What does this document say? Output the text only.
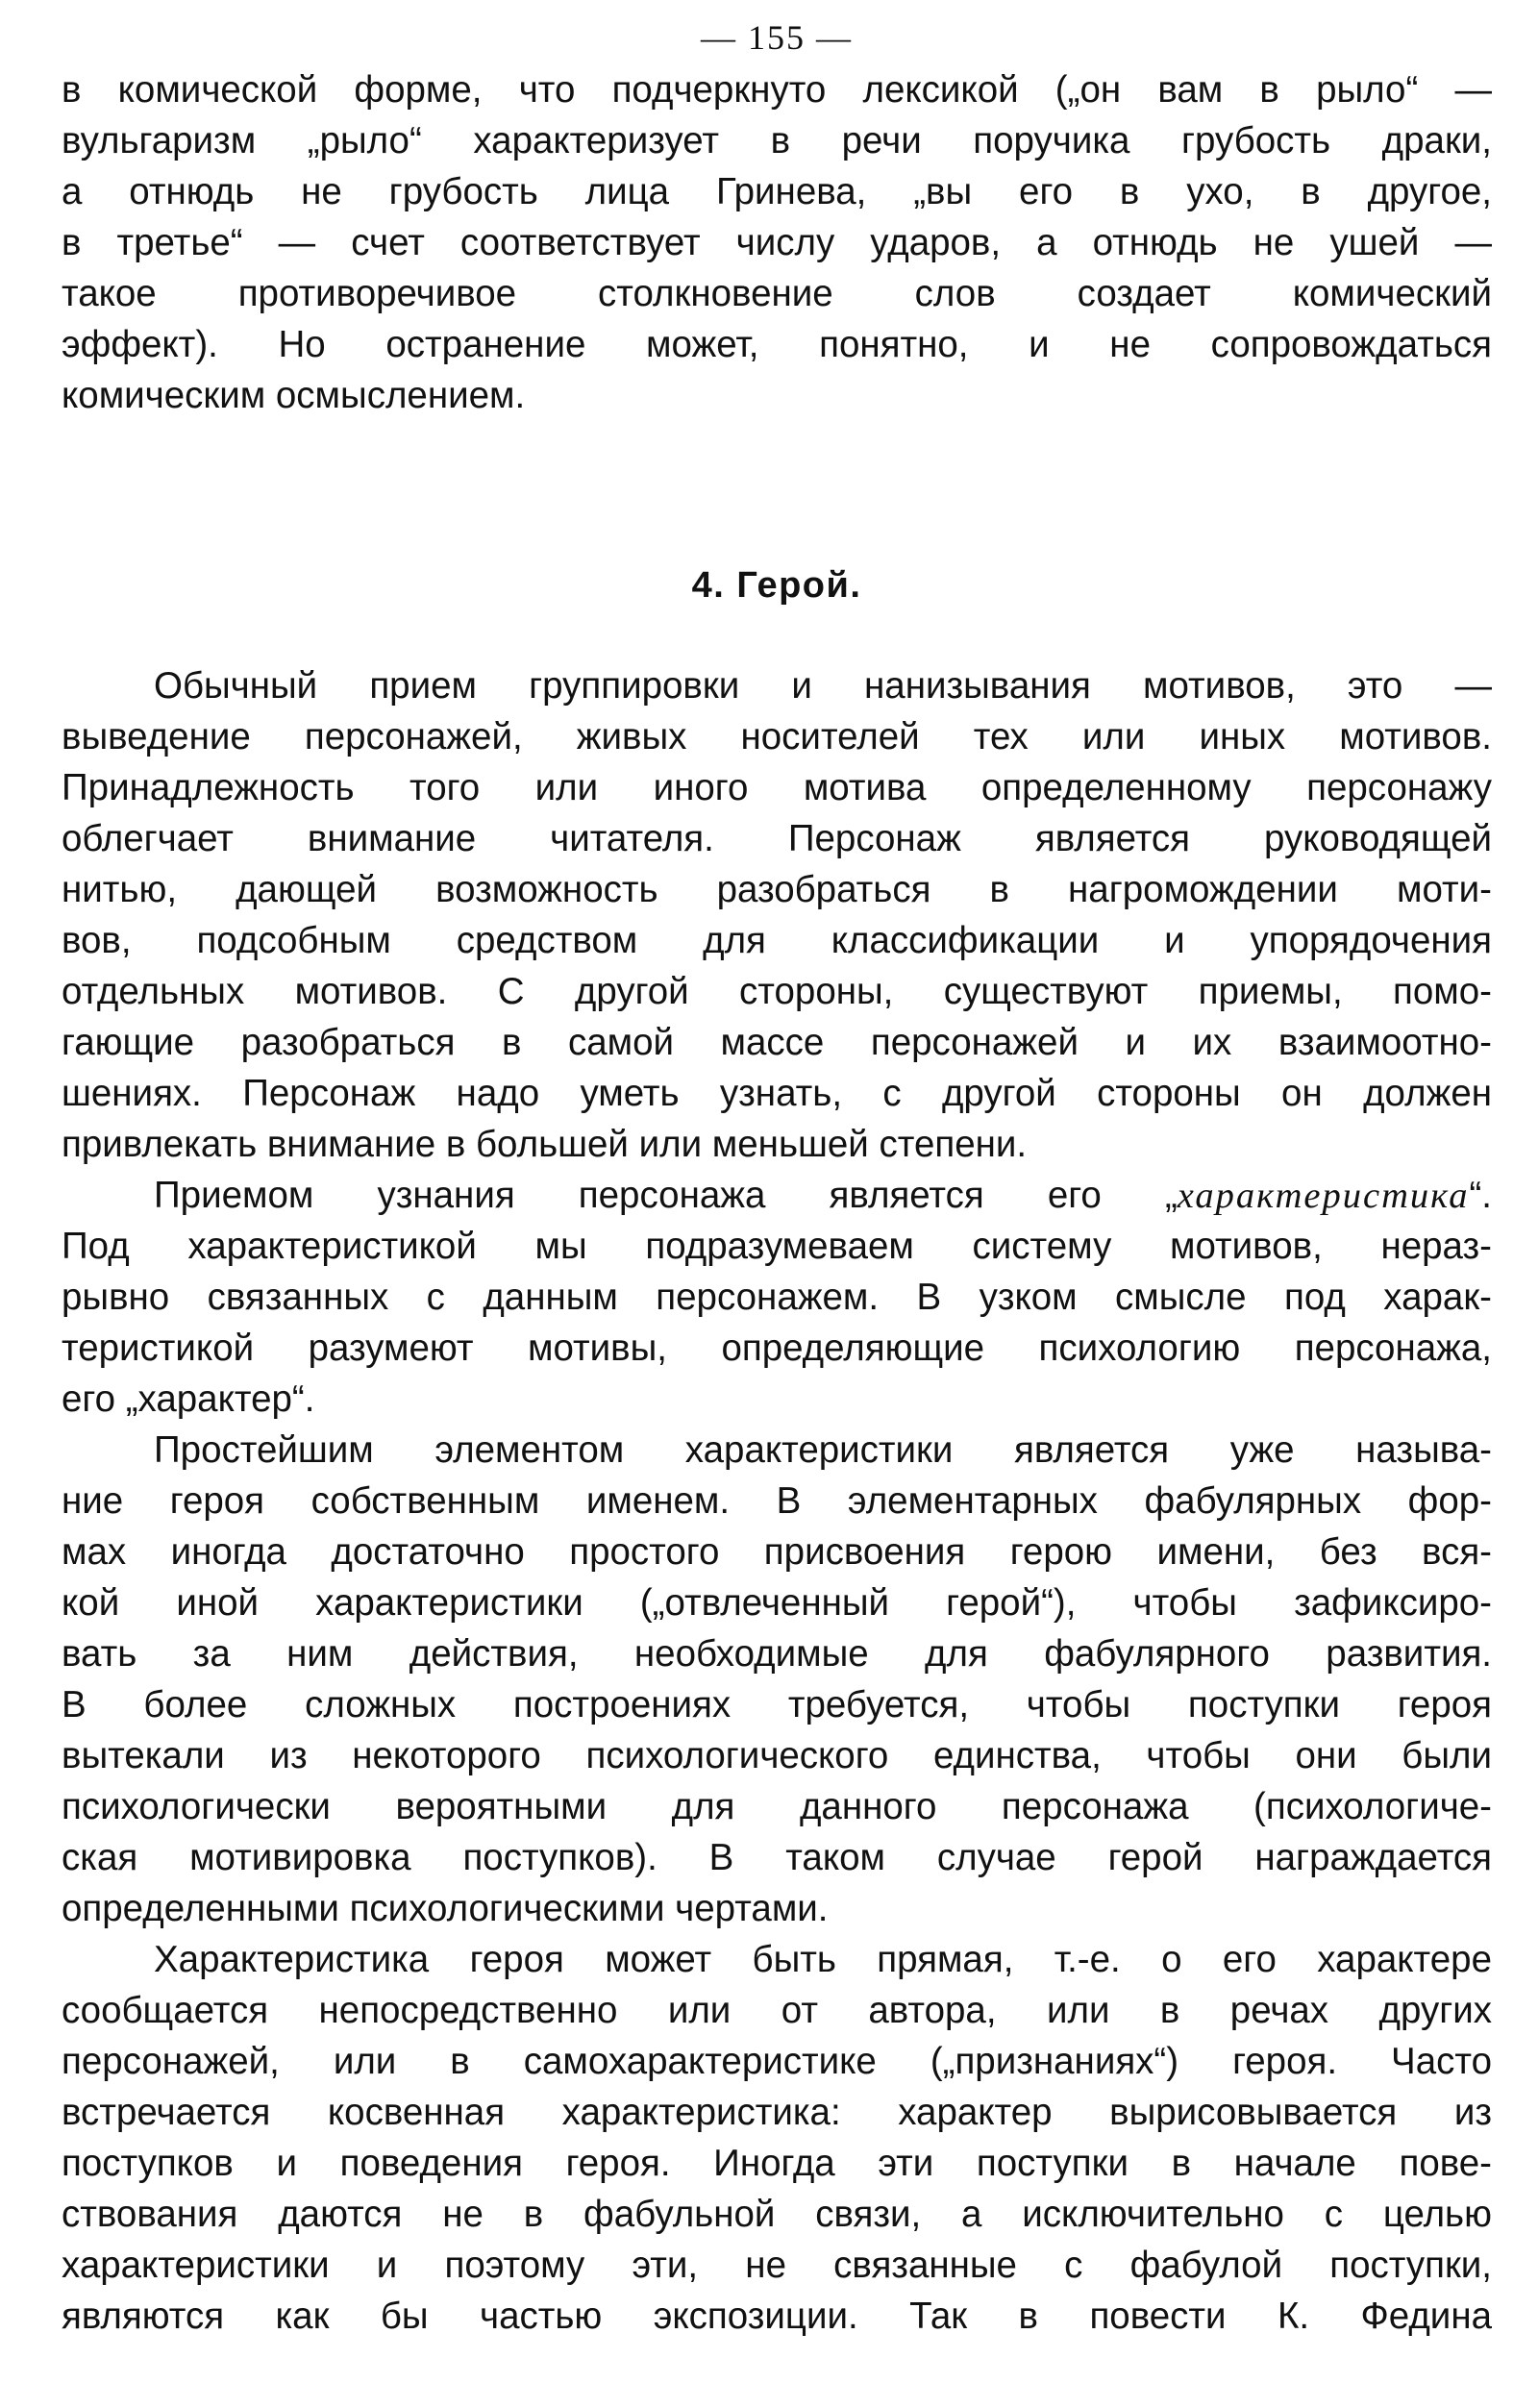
— 155 —
в комической форме, что подчеркнуто лексикой („он вам в рыло“ —
вульгаризм „рыло“ характеризует в речи поручика грубость драки,
а отнюдь не грубость лица Гринева, „вы его в ухо, в другое,
в третье“ — счет соответствует числу ударов, а отнюдь не ушей —
такое противоречивое столкновение слов создает комический
эффект). Но остранение может, понятно, и не сопровождаться
комическим осмыслением.
4. Герой.
Обычный прием группировки и нанизывания мотивов, это —
выведение персонажей, живых носителей тех или иных мотивов.
Принадлежность того или иного мотива определенному персонажу
облегчает внимание читателя. Персонаж является руководящей
нитью, дающей возможность разобраться в нагромождении моти-
вов, подсобным средством для классификации и упорядочения
отдельных мотивов. С другой стороны, существуют приемы, помо-
гающие разобраться в самой массе персонажей и их взаимоотно-
шениях. Персонаж надо уметь узнать, с другой стороны он должен
привлекать внимание в большей или меньшей степени.
Приемом узнания персонажа является его „характеристика“.
Под характеристикой мы подразумеваем систему мотивов, нераз-
рывно связанных с данным персонажем. В узком смысле под харак-
теристикой разумеют мотивы, определяющие психологию персонажа,
его „характер“.
Простейшим элементом характеристики является уже называ-
ние героя собственным именем. В элементарных фабулярных фор-
мах иногда достаточно простого присвоения герою имени, без вся-
кой иной характеристики („отвлеченный герой“), чтобы зафиксиро-
вать за ним действия, необходимые для фабулярного развития.
В более сложных построениях требуется, чтобы поступки героя
вытекали из некоторого психологического единства, чтобы они были
психологически вероятными для данного персонажа (психологиче-
ская мотивировка поступков). В таком случае герой награждается
определенными психологическими чертами.
Характеристика героя может быть прямая, т.-е. о его характере
сообщается непосредственно или от автора, или в речах других
персонажей, или в самохарактеристике („признаниях“) героя. Часто
встречается косвенная характеристика: характер вырисовывается из
поступков и поведения героя. Иногда эти поступки в начале пове-
ствования даются не в фабульной связи, а исключительно с целью
характеристики и поэтому эти, не связанные с фабулой поступки,
являются как бы частью экспозиции. Так в повести К. Федина
